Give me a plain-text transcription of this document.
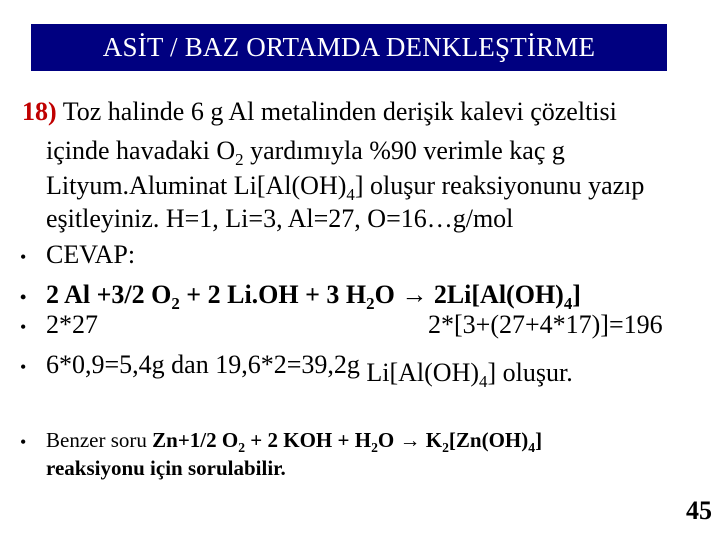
ASİT / BAZ ORTAMDA DENKLEŞTİRME
18) Toz halinde 6 g Al metalinden derişik kalevi çözeltisi
içinde havadaki $O_2$ yardımıyla %90 verimle kaç g
Lityum.Aluminat $Li[Al(OH)_4]$ oluşur reaksiyonunu yazıp
eşitleyiniz. H=1, Li=3, Al=27, O=16…g/mol
• CEVAP:
• 2 Al +3/2 $O_2 + 2$ Li.OH + 3 $H_2O \to 2Li[Al(OH)_4]$
• 2*27	2*[3+(27+4*17)]=196
• 6*0,9=5,4g dan 19,6*2=39,2g $Li[Al(OH)_4]$ oluşur.
• Benzer soru Zn+1/2 $O_2 + 2$ KOH + $H_2O \to K_2[Zn(OH)_4]$
reaksiyonu için sorulabilir.
45
